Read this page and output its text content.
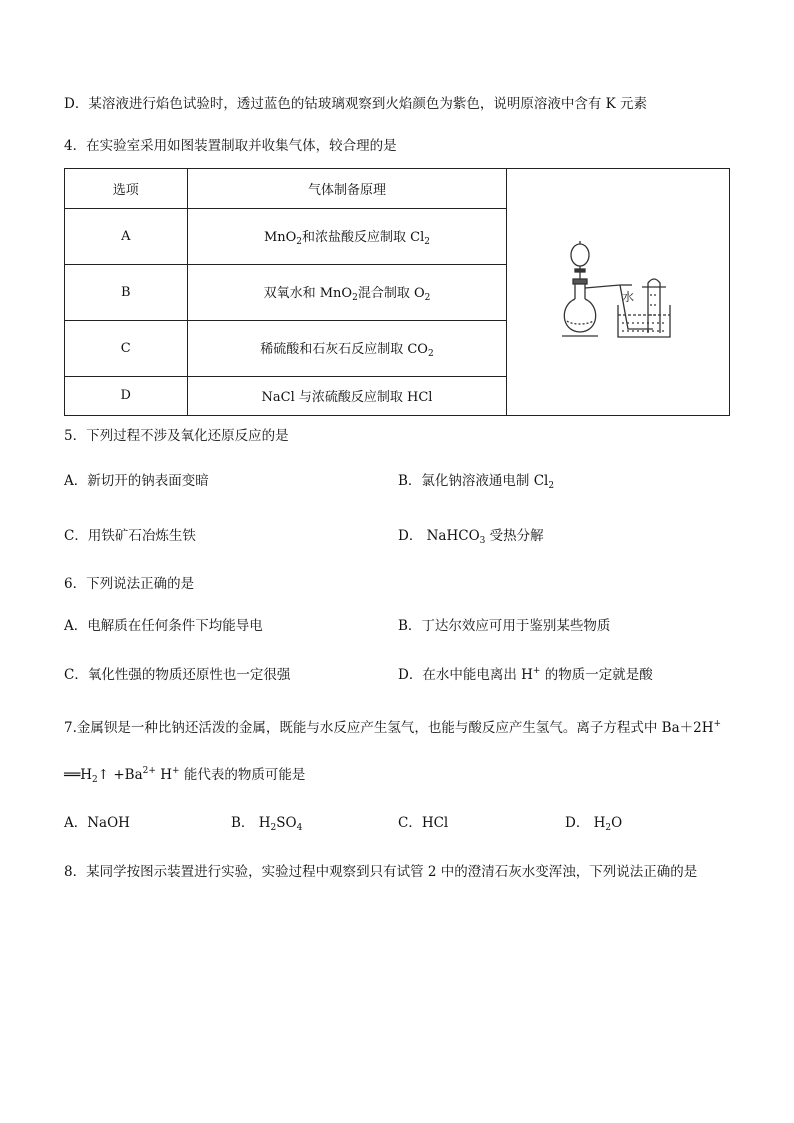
D．某溶液进行焰色试验时，透过蓝色的钴玻璃观察到火焰颜色为紫色，说明原溶液中含有 K 元素
4．在实验室采用如图装置制取并收集气体，较合理的是
选项	气体制备原理	水

A	MnO$_2$和浓盐酸反应制取 $Cl_2$
B	双氧水和 MnO$_2$混合制取 $O_2$
C	稀硫酸和石灰石反应制取 $CO_2$
D	NaCl 与浓硫酸反应制取 HCl	
5．下列过程不涉及氧化还原反应的是
A．新切开的钠表面变暗	B．氯化钠溶液通电制 $Cl_2$
C．用铁矿石冶炼生铁	D． NaHCO$_3$ 受热分解
6．下列说法正确的是
A．电解质在任何条件下均能导电	B．丁达尔效应可用于鉴别某些物质
C．氧化性强的物质还原性也一定很强	D．在水中能电离出 H+ 的物质一定就是酸
7.金属钡是一种比钠还活泼的金属，既能与水反应产生氢气，也能与酸反应产生氢气。离子方程式中 Ba＋2H+
$══H_2↑ +Ba^{2+}$ H+ 能代表的物质可能是
A．NaOH	B． $H_2SO_4$	C．HCl	D． $H_2O$
8．某同学按图示装置进行实验，实验过程中观察到只有试管 2 中的澄清石灰水变浑浊，下列说法正确的是
